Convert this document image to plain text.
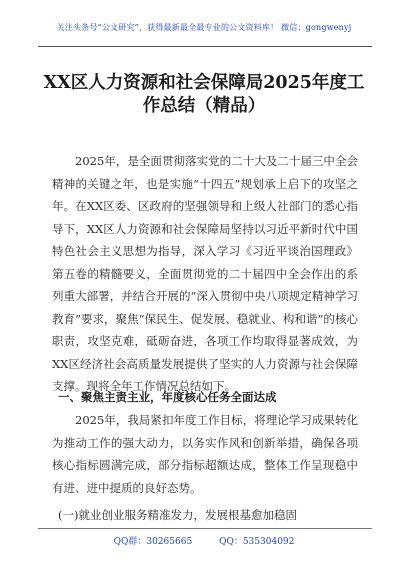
关注头条号“公文研究”，获得最新最全最专业的公文资料库！ 微信：gongwenyj
XX区人力资源和社会保障局2025年度工
作总结（精品）

2025年，是全面贯彻落实党的二十大及二十届三中全会精神的关键之年，也是实施“十四五”规划承上启下的攻坚之年。在XX区委、区政府的坚强领导和上级人社部门的悉心指导下，XX区人力资源和社会保障局坚持以习近平新时代中国特色社会主义思想为指导，深入学习《习近平谈治国理政》第五卷的精髓要义，全面贯彻党的二十届四中全会作出的系列重大部署，并结合开展的“深入贯彻中央八项规定精神学习教育”要求，聚焦“保民生、促发展、稳就业、构和谐”的核心职责，攻坚克难，砥砺奋进，各项工作均取得显著成效，为XX区经济社会高质量发展提供了坚实的人力资源与社会保障支撑。现将全年工作情况总结如下。

一、聚焦主责主业，年度核心任务全面达成

2025年，我局紧扣年度工作目标，将理论学习成果转化为推动工作的强大动力，以务实作风和创新举措，确保各项核心指标圆满完成，部分指标超额达成，整体工作呈现稳中有进、进中提质的良好态势。

(一)就业创业服务精准发力，发展根基愈加稳固
QQ群：30265665	QQ：535304092
